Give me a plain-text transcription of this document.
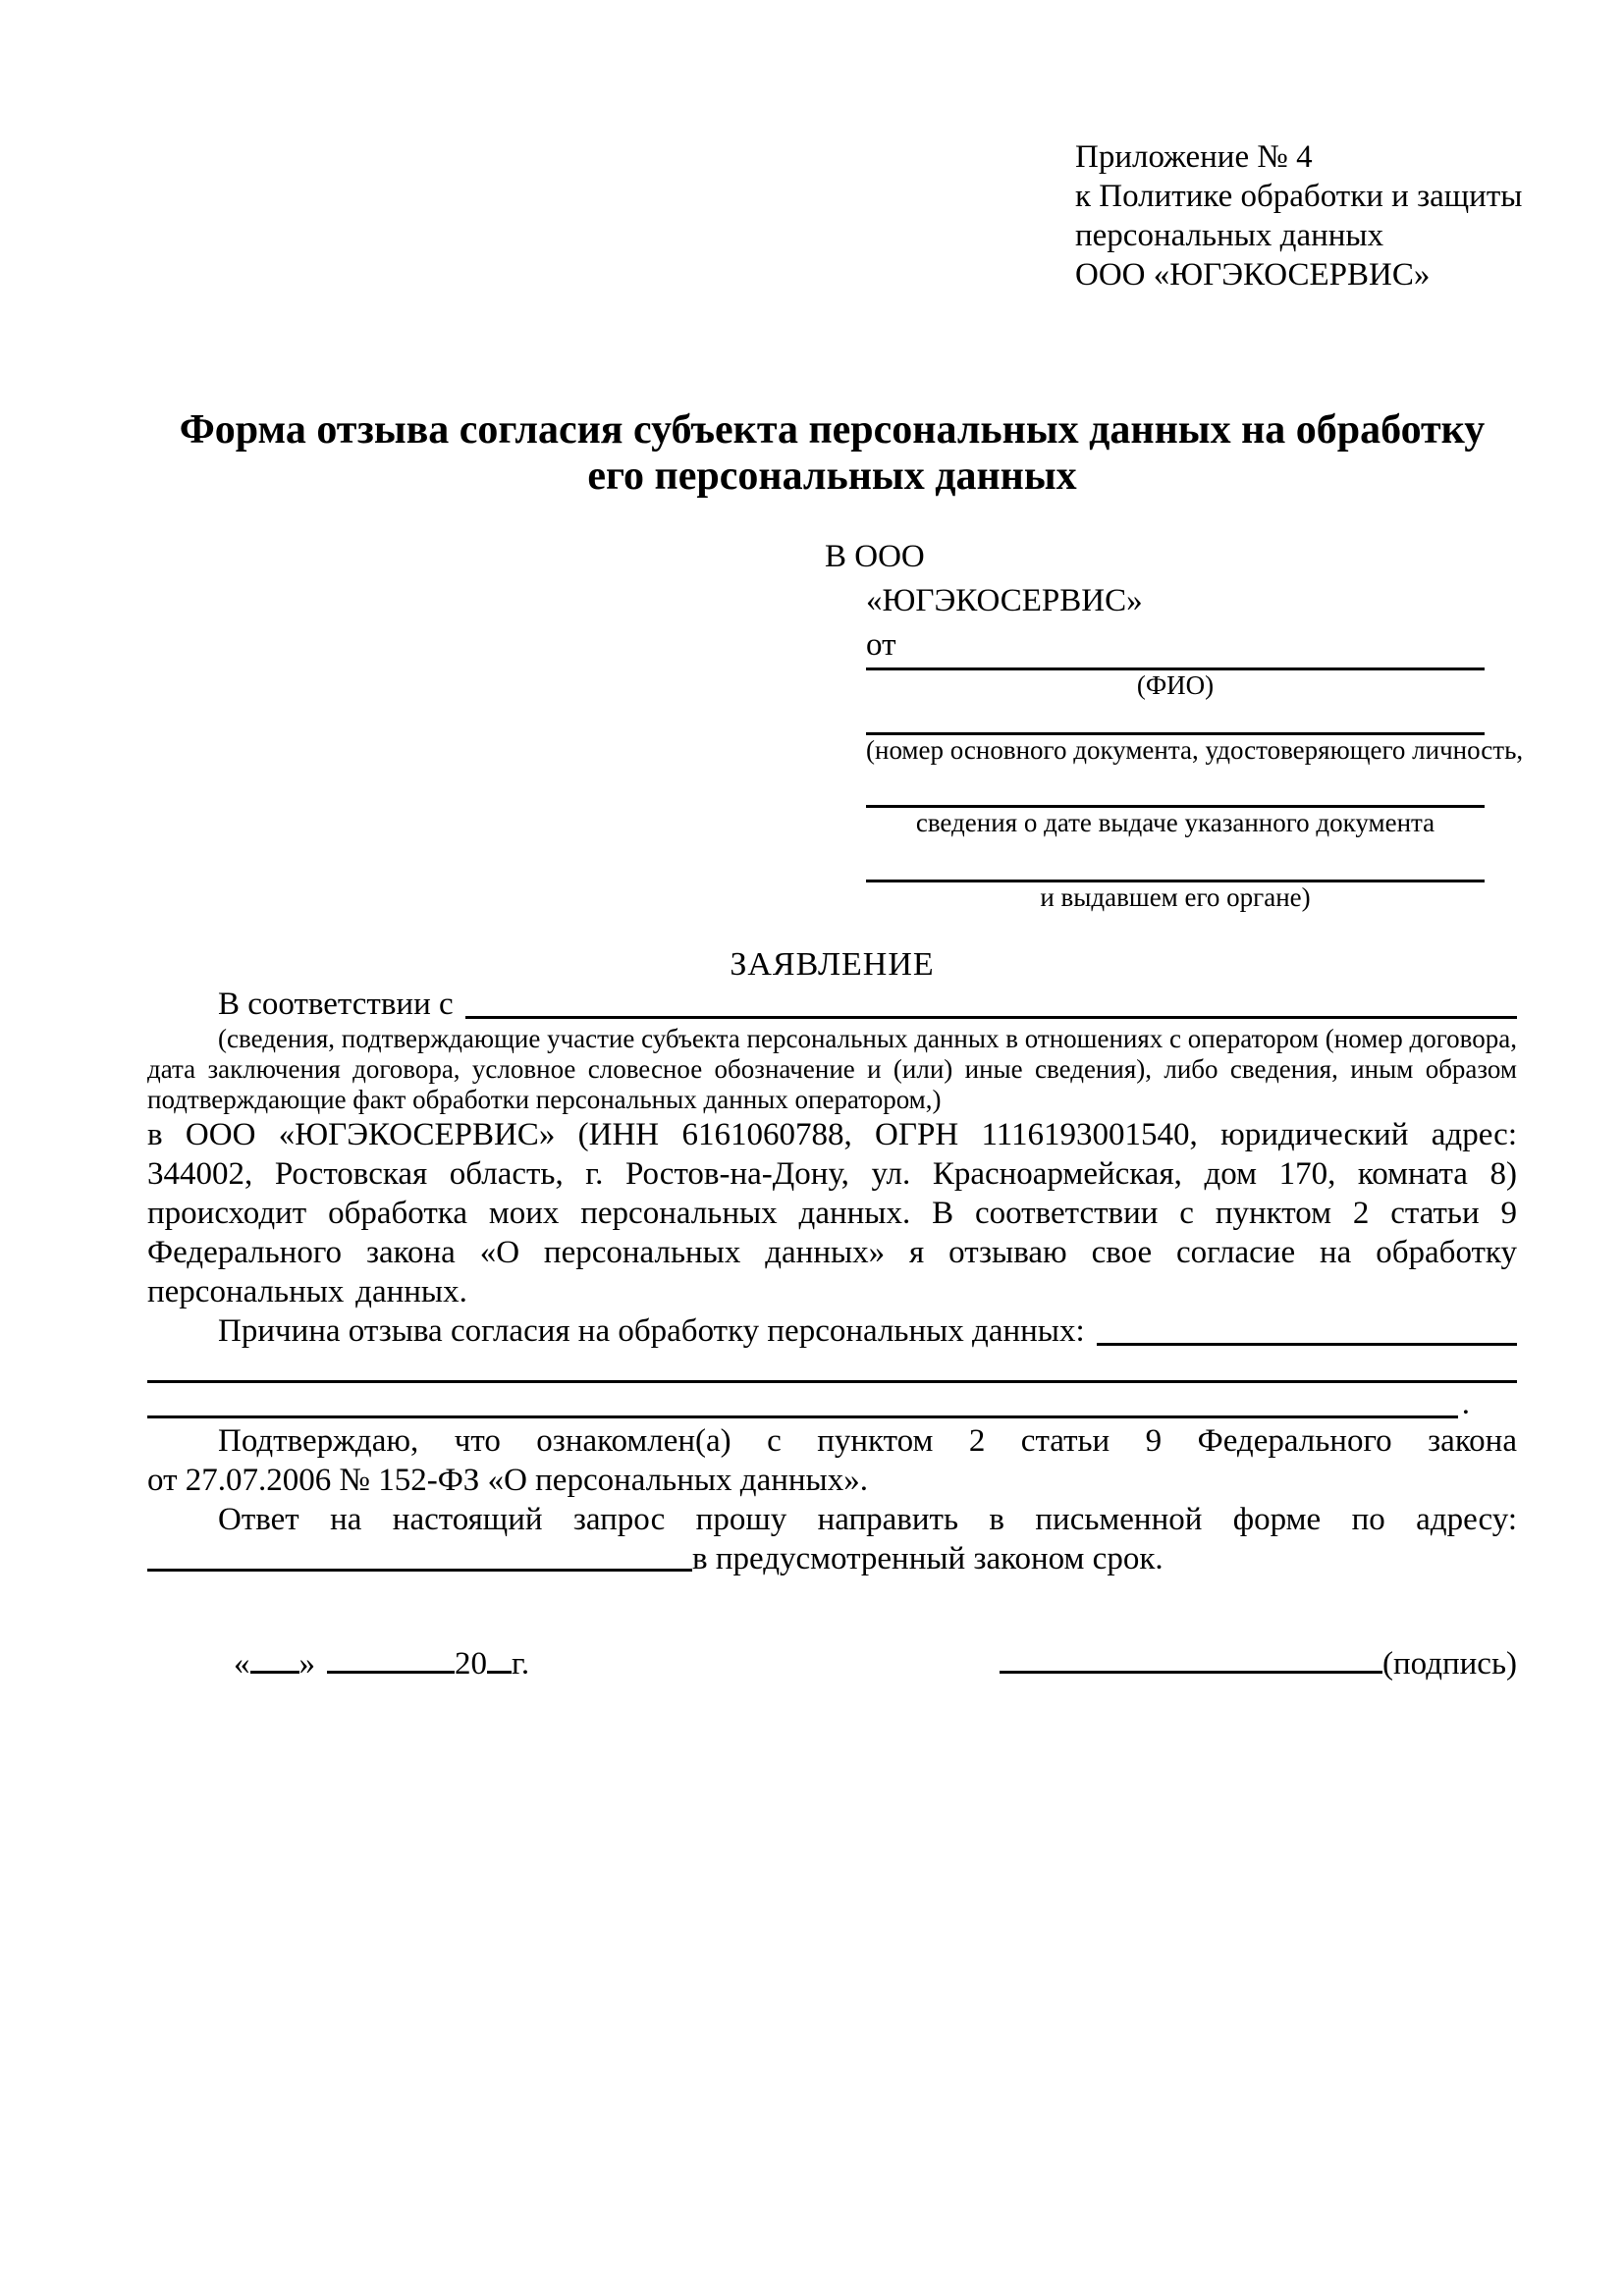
Приложение № 4
к Политике обработки и защиты
персональных данных
ООО «ЮГЭКОСЕРВИС»
Форма отзыва согласия субъекта персональных данных на обработку
его персональных данных
В ООО
«ЮГЭКОСЕРВИС»
от
(ФИО)
(номер основного документа, удостоверяющего личность,
сведения о дате выдаче указанного документа
и выдавшем его органе)
ЗАЯВЛЕНИЕ
В соответствии с

(сведения, подтверждающие участие субъекта персональных данных в отношениях с оператором (номер договора, дата заключения договора, условное словесное обозначение и (или) иные сведения), либо сведения, иным образом подтверждающие факт обработки персональных данных оператором,)

в ООО «ЮГЭКОСЕРВИС» (ИНН 6161060788, ОГРН 1116193001540, юридический адрес: 344002, Ростовская область, г. Ростов-на-Дону, ул. Красноармейская, дом 170, комната 8) происходит обработка моих персональных данных. В соответствии с пунктом 2 статьи 9 Федерального закона «О персональных данных» я отзываю свое согласие на обработку персональных данных.

Причина отзыва согласия на обработку персональных данных:
.
Подтверждаю, что ознакомлен(а) с пунктом 2 статьи 9 Федерального закона
от 27.07.2006 № 152-ФЗ «О персональных данных».
Ответ на настоящий запрос прошу направить в письменной форме по адресу:
в предусмотренный законом срок.
« »	20 г.	(подпись)
